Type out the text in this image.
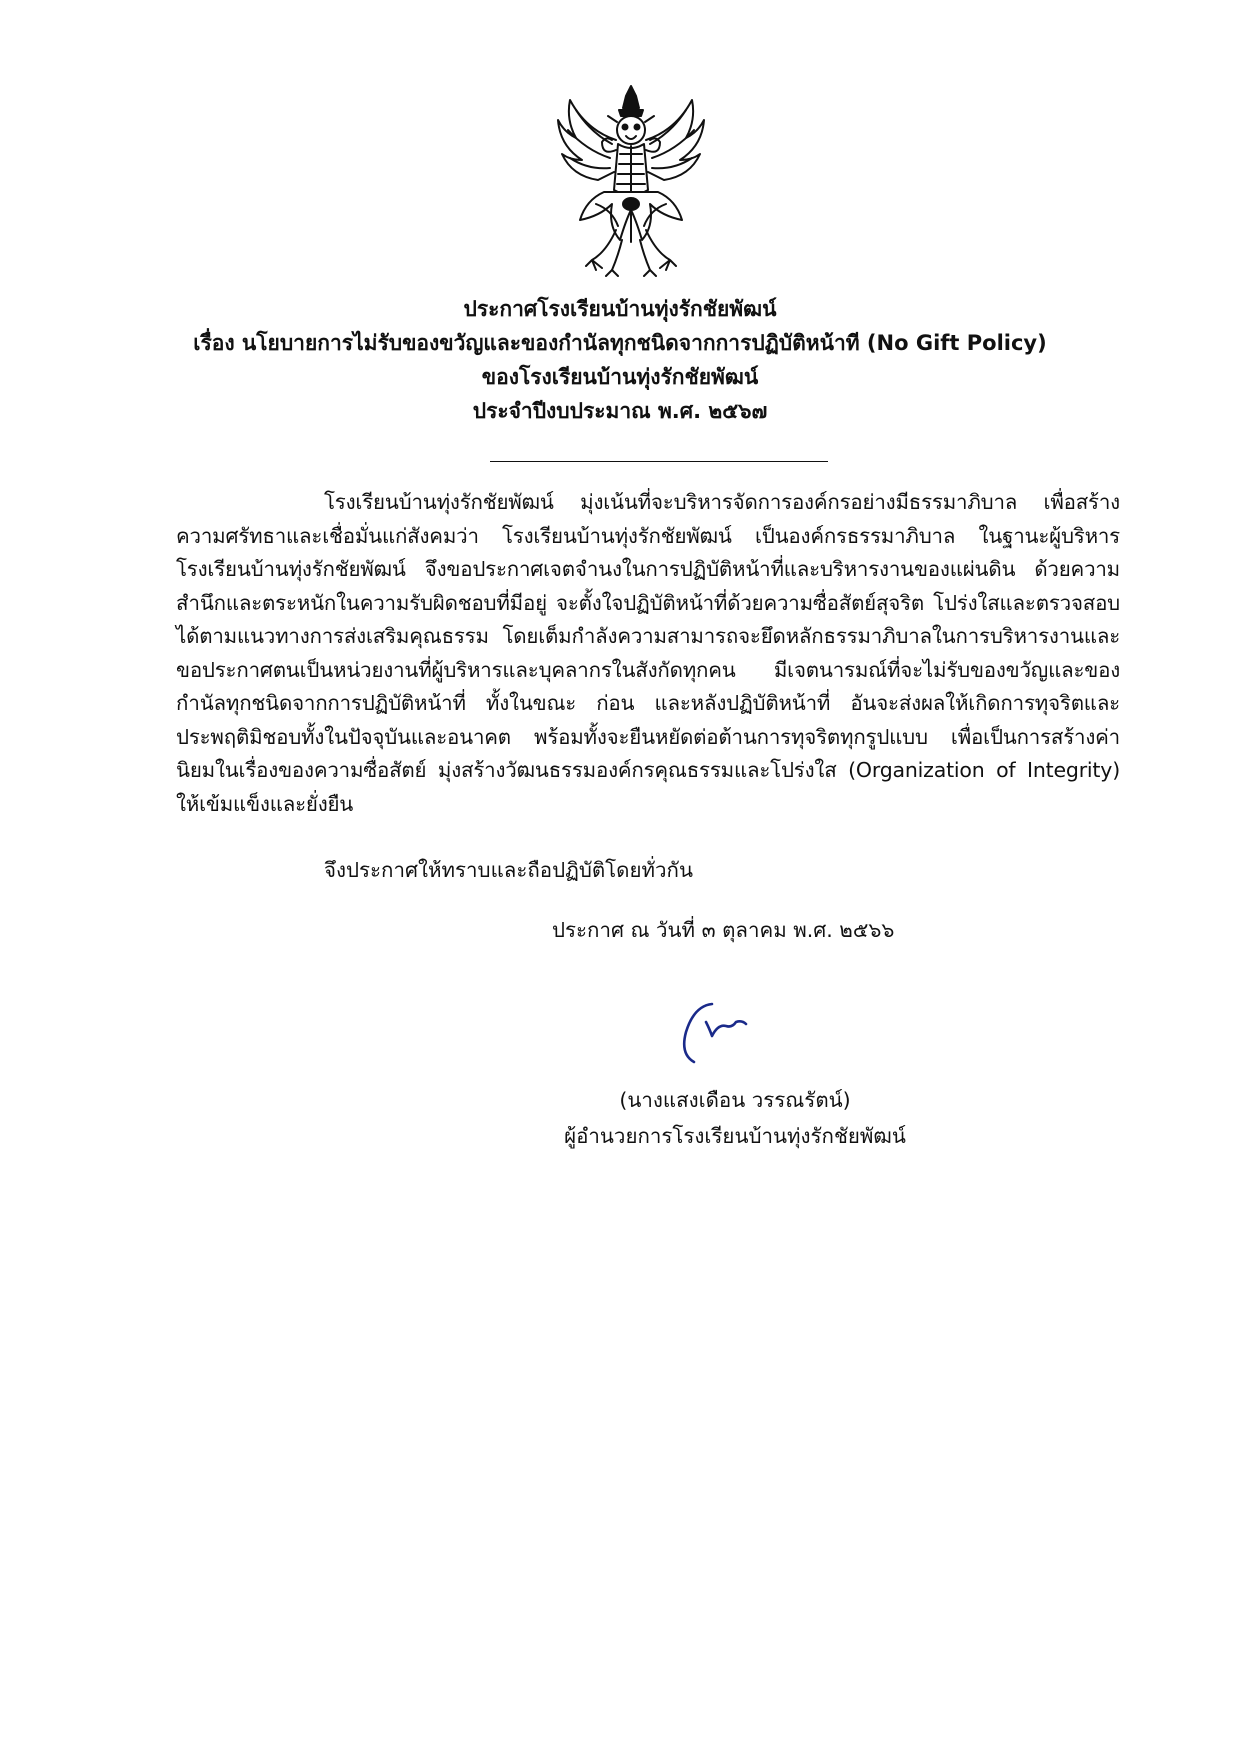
ประกาศโรงเรียนบ้านทุ่งรักชัยพัฒน์
เรื่อง นโยบายการไม่รับของขวัญและของกำนัลทุกชนิดจากการปฏิบัติหน้าที (No Gift Policy)
ของโรงเรียนบ้านทุ่งรักชัยพัฒน์
ประจำปีงบประมาณ พ.ศ. ๒๕๖๗
โรงเรียนบ้านทุ่งรักชัยพัฒน์ มุ่งเน้นที่จะบริหารจัดการองค์กรอย่างมีธรรมาภิบาล เพื่อสร้างความศรัทธาและเชื่อมั่นแก่สังคมว่า โรงเรียนบ้านทุ่งรักชัยพัฒน์ เป็นองค์กรธรรมาภิบาล ในฐานะผู้บริหารโรงเรียนบ้านทุ่งรักชัยพัฒน์ จึงขอประกาศเจตจำนงในการปฏิบัติหน้าที่และบริหารงานของแผ่นดิน ด้วยความสำนึกและตระหนักในความรับผิดชอบที่มีอยู่ จะตั้งใจปฏิบัติหน้าที่ด้วยความซื่อสัตย์สุจริต โปร่งใสและตรวจสอบได้ตามแนวทางการส่งเสริมคุณธรรม โดยเต็มกำลังความสามารถจะยึดหลักธรรมาภิบาลในการบริหารงานและขอประกาศตนเป็นหน่วยงานที่ผู้บริหารและบุคลากรในสังกัดทุกคน มีเจตนารมณ์ที่จะไม่รับของขวัญและของกำนัลทุกชนิดจากการปฏิบัติหน้าที่ ทั้งในขณะ ก่อน และหลังปฏิบัติหน้าที่ อันจะส่งผลให้เกิดการทุจริตและประพฤติมิชอบทั้งในปัจจุบันและอนาคต พร้อมทั้งจะยืนหยัดต่อต้านการทุจริตทุกรูปแบบ เพื่อเป็นการสร้างค่านิยมในเรื่องของความซื่อสัตย์ มุ่งสร้างวัฒนธรรมองค์กรคุณธรรมและโปร่งใส (Organization of Integrity) ให้เข้มแข็งและยั่งยืน
จึงประกาศให้ทราบและถือปฏิบัติโดยทั่วกัน
ประกาศ ณ วันที่ ๓ ตุลาคม พ.ศ. ๒๕๖๖
(นางแสงเดือน วรรณรัตน์)
ผู้อำนวยการโรงเรียนบ้านทุ่งรักชัยพัฒน์
